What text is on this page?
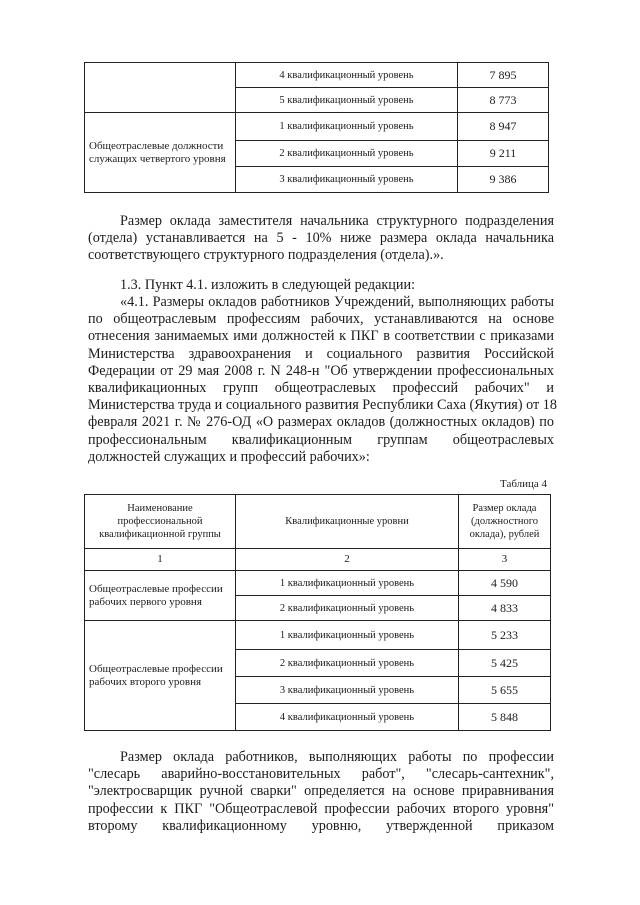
	4 квалификационный уровень	7 895
	5 квалификационный уровень	8 773
Общеотраслевые должности служащих четвертого уровня	1 квалификационный уровень	8 947
	2 квалификационный уровень	9 211
	3 квалификационный уровень	9 386
Размер оклада заместителя начальника структурного подразделения
(отдела) устанавливается на 5 - 10% ниже размера оклада начальника
соответствующего структурного подразделения (отдела).».
1.3. Пункт 4.1. изложить в следующей редакции:
«4.1. Размеры окладов работников Учреждений, выполняющих работы
по общеотраслевым профессиям рабочих, устанавливаются на основе
отнесения занимаемых ими должностей к ПКГ в соответствии с приказами
Министерства здравоохранения и социального развития Российской
Федерации от 29 мая 2008 г. N 248-н "Об утверждении профессиональных
квалификационных групп общеотраслевых профессий рабочих" и
Министерства труда и социального развития Республики Саха (Якутия) от 18
февраля 2021 г. № 276-ОД «О размерах окладов (должностных окладов) по
профессиональным квалификационным группам общеотраслевых
должностей служащих и профессий рабочих»:
Таблица 4
Наименование профессиональной квалификационной группы	Квалификационные уровни	Размер оклада (должностного оклада), рублей
1	2	3
Общеотраслевые профессии рабочих первого уровня	1 квалификационный уровень	4 590
	2 квалификационный уровень	4 833
Общеотраслевые профессии рабочих второго уровня	1 квалификационный уровень	5 233
	2 квалификационный уровень	5 425
	3 квалификационный уровень	5 655
	4 квалификационный уровень	5 848
Размер оклада работников, выполняющих работы по профессии
"слесарь аварийно-восстановительных работ", "слесарь-сантехник",
"электросварщик ручной сварки" определяется на основе приравнивания
профессии к ПКГ "Общеотраслевой профессии рабочих второго уровня"
второму квалификационному уровню, утвержденной приказом
